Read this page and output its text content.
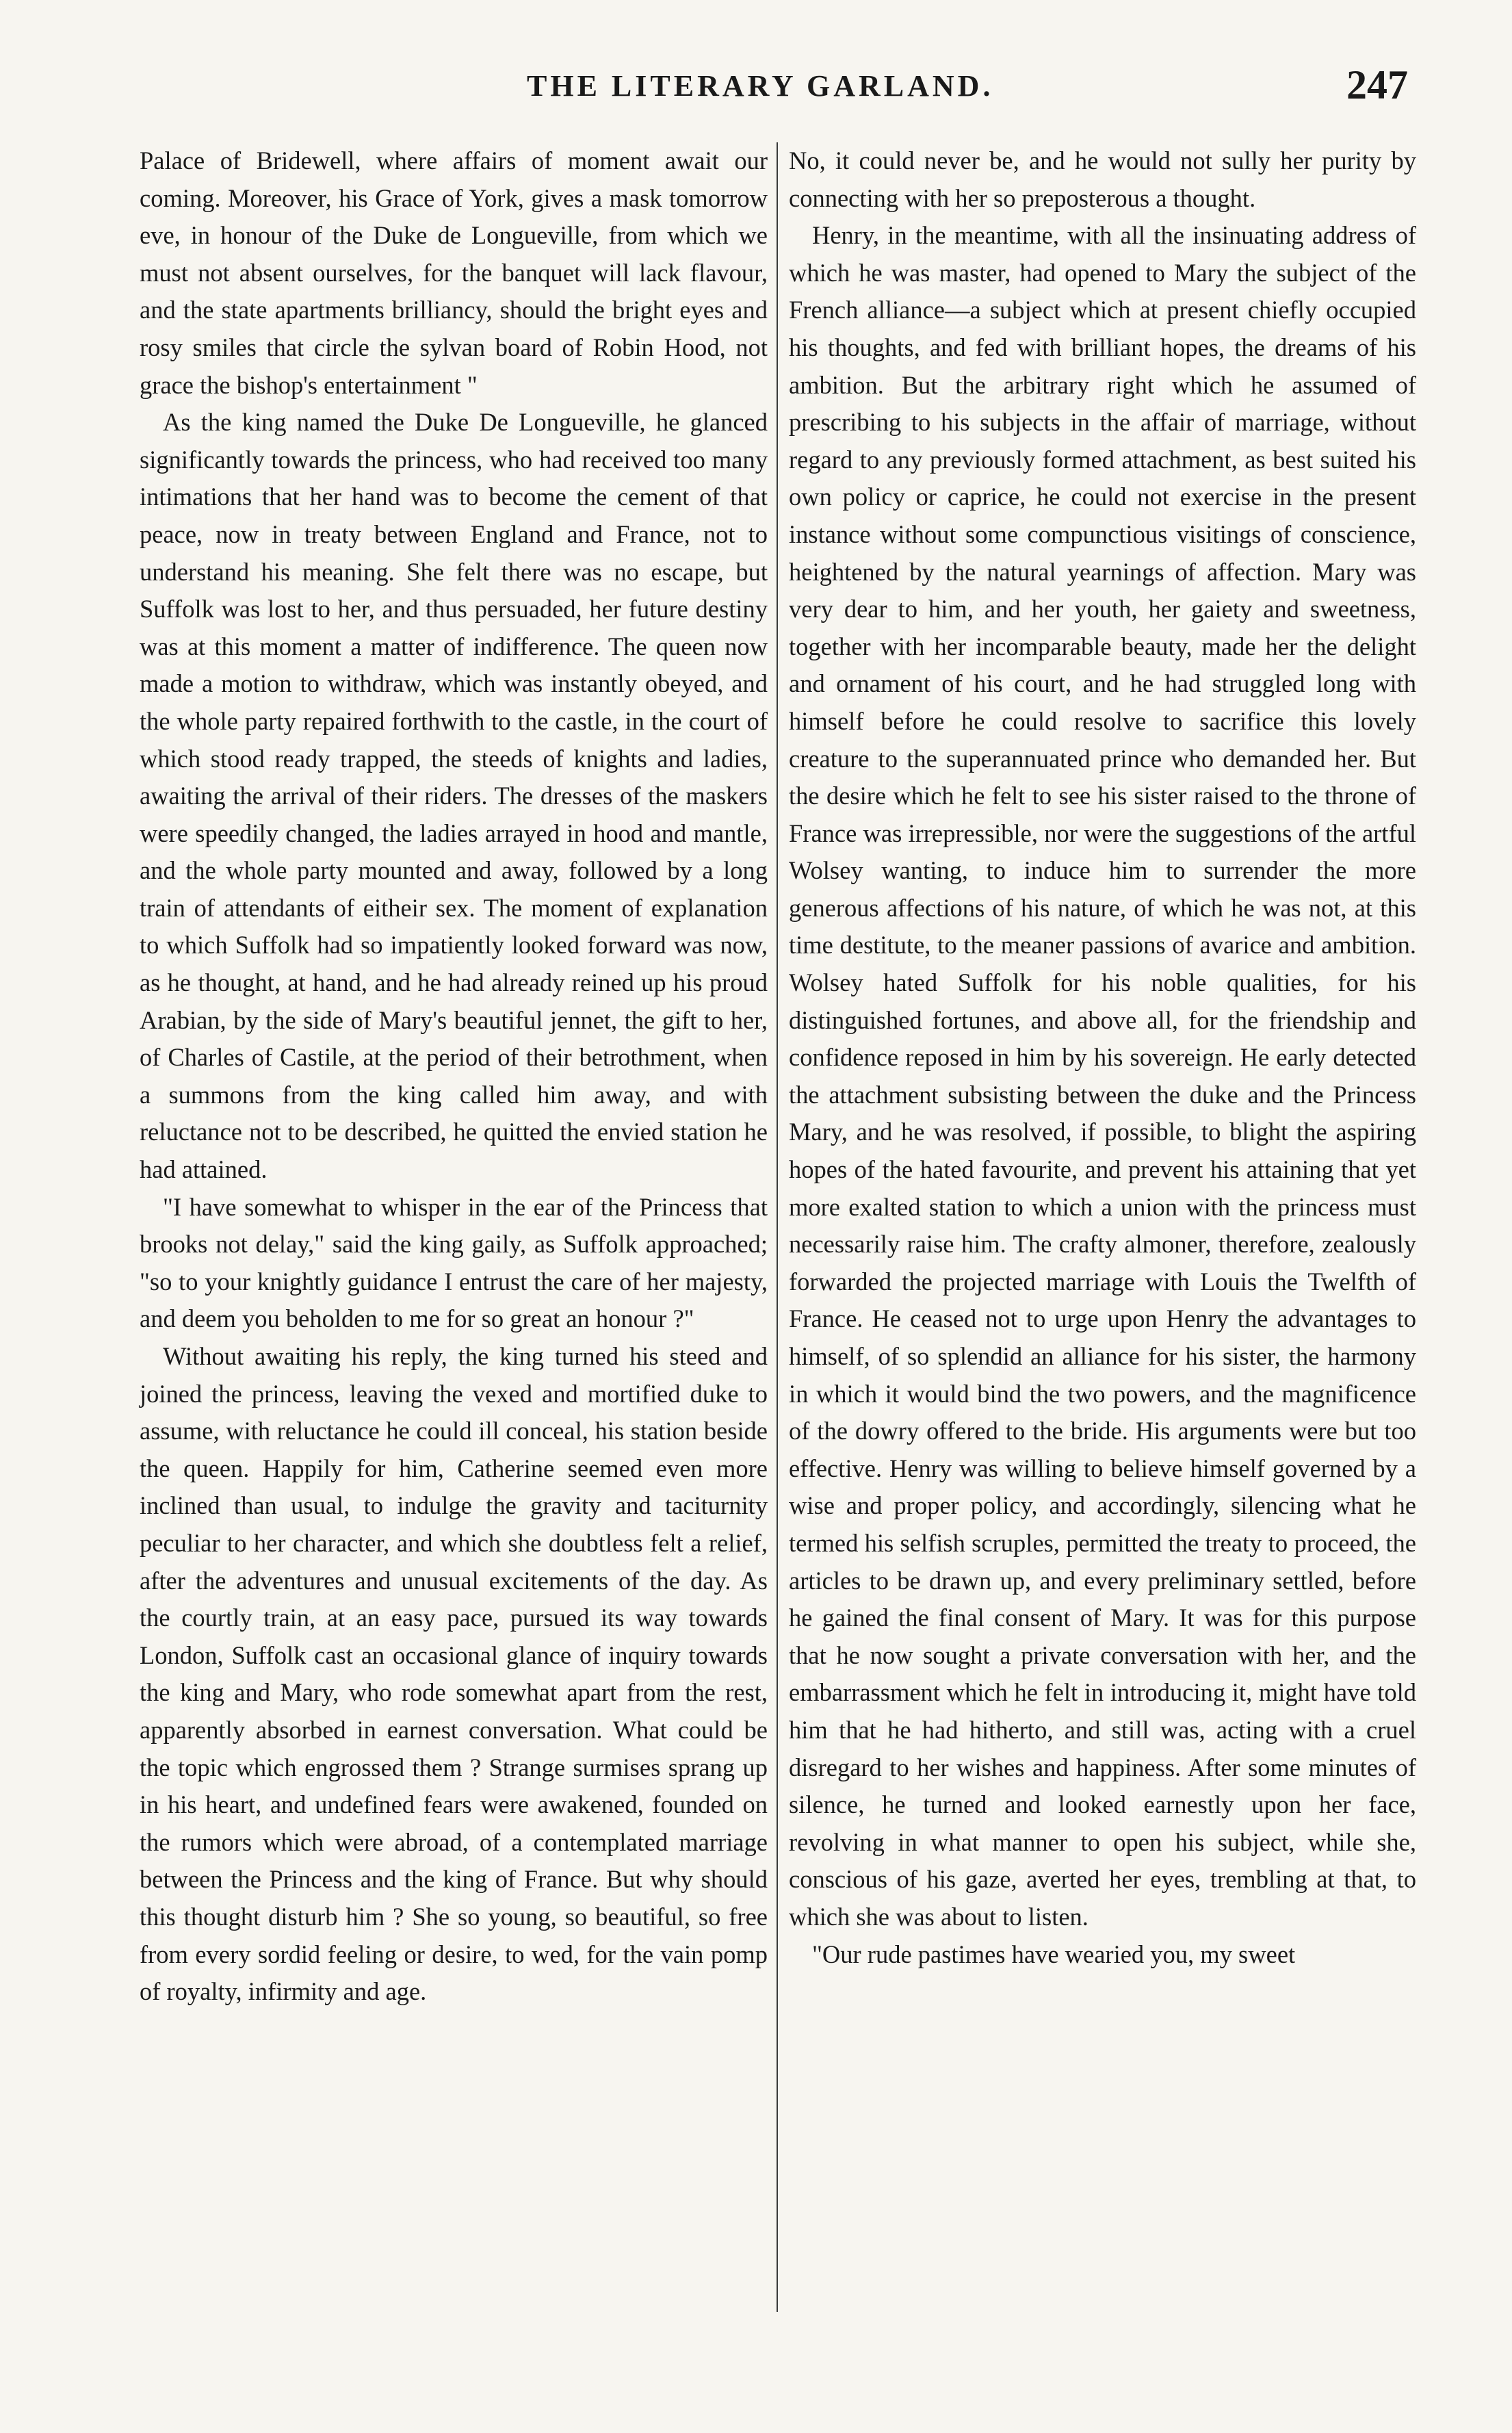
THE LITERARY GARLAND.	247

Palace of Bridewell, where affairs of moment await our coming. Moreover, his Grace of York, gives a mask tomorrow eve, in honour of the Duke de Longueville, from which we must not absent ourselves, for the banquet will lack flavour, and the state apartments brilliancy, should the bright eyes and rosy smiles that circle the sylvan board of Robin Hood, not grace the bishop's entertainment "

As the king named the Duke De Longueville, he glanced significantly towards the princess, who had received too many intimations that her hand was to become the cement of that peace, now in treaty between England and France, not to understand his meaning. She felt there was no escape, but Suffolk was lost to her, and thus persuaded, her future destiny was at this moment a matter of indifference. The queen now made a motion to withdraw, which was instantly obeyed, and the whole party repaired forthwith to the castle, in the court of which stood ready trapped, the steeds of knights and ladies, awaiting the arrival of their riders. The dresses of the maskers were speedily changed, the ladies arrayed in hood and mantle, and the whole party mounted and away, followed by a long train of attendants of eitheir sex. The moment of explanation to which Suffolk had so impatiently looked forward was now, as he thought, at hand, and he had already reined up his proud Arabian, by the side of Mary's beautiful jennet, the gift to her, of Charles of Castile, at the period of their betrothment, when a summons from the king called him away, and with reluctance not to be described, he quitted the envied station he had attained.

"I have somewhat to whisper in the ear of the Princess that brooks not delay," said the king gaily, as Suffolk approached; "so to your knightly guidance I entrust the care of her majesty, and deem you beholden to me for so great an honour ?"

Without awaiting his reply, the king turned his steed and joined the princess, leaving the vexed and mortified duke to assume, with reluctance he could ill conceal, his station beside the queen. Happily for him, Catherine seemed even more inclined than usual, to indulge the gravity and taciturnity peculiar to her character, and which she doubtless felt a relief, after the adventures and unusual excitements of the day. As the courtly train, at an easy pace, pursued its way towards London, Suffolk cast an occasional glance of inquiry towards the king and Mary, who rode somewhat apart from the rest, apparently absorbed in earnest conversation. What could be the topic which engrossed them ? Strange surmises sprang up in his heart, and undefined fears were awakened, founded on the rumors which were abroad, of a contemplated marriage between the Princess and the king of France. But why should this thought disturb him ? She so young, so beautiful, so free from every sordid feeling or desire, to wed, for the vain pomp of royalty, infirmity and age.

No, it could never be, and he would not sully her purity by connecting with her so preposterous a thought.

Henry, in the meantime, with all the insinuating address of which he was master, had opened to Mary the subject of the French alliance—a subject which at present chiefly occupied his thoughts, and fed with brilliant hopes, the dreams of his ambition. But the arbitrary right which he assumed of prescribing to his subjects in the affair of marriage, without regard to any previously formed attachment, as best suited his own policy or caprice, he could not exercise in the present instance without some compunctious visitings of conscience, heightened by the natural yearnings of affection. Mary was very dear to him, and her youth, her gaiety and sweetness, together with her incomparable beauty, made her the delight and ornament of his court, and he had struggled long with himself before he could resolve to sacrifice this lovely creature to the superannuated prince who demanded her. But the desire which he felt to see his sister raised to the throne of France was irrepressible, nor were the suggestions of the artful Wolsey wanting, to induce him to surrender the more generous affections of his nature, of which he was not, at this time destitute, to the meaner passions of avarice and ambition. Wolsey hated Suffolk for his noble qualities, for his distinguished fortunes, and above all, for the friendship and confidence reposed in him by his sovereign. He early detected the attachment subsisting between the duke and the Princess Mary, and he was resolved, if possible, to blight the aspiring hopes of the hated favourite, and prevent his attaining that yet more exalted station to which a union with the princess must necessarily raise him. The crafty almoner, therefore, zealously forwarded the projected marriage with Louis the Twelfth of France. He ceased not to urge upon Henry the advantages to himself, of so splendid an alliance for his sister, the harmony in which it would bind the two powers, and the magnificence of the dowry offered to the bride. His arguments were but too effective. Henry was willing to believe himself governed by a wise and proper policy, and accordingly, silencing what he termed his selfish scruples, permitted the treaty to proceed, the articles to be drawn up, and every preliminary settled, before he gained the final consent of Mary. It was for this purpose that he now sought a private conversation with her, and the embarrassment which he felt in introducing it, might have told him that he had hitherto, and still was, acting with a cruel disregard to her wishes and happiness. After some minutes of silence, he turned and looked earnestly upon her face, revolving in what manner to open his subject, while she, conscious of his gaze, averted her eyes, trembling at that, to which she was about to listen.

"Our rude pastimes have wearied you, my sweet
